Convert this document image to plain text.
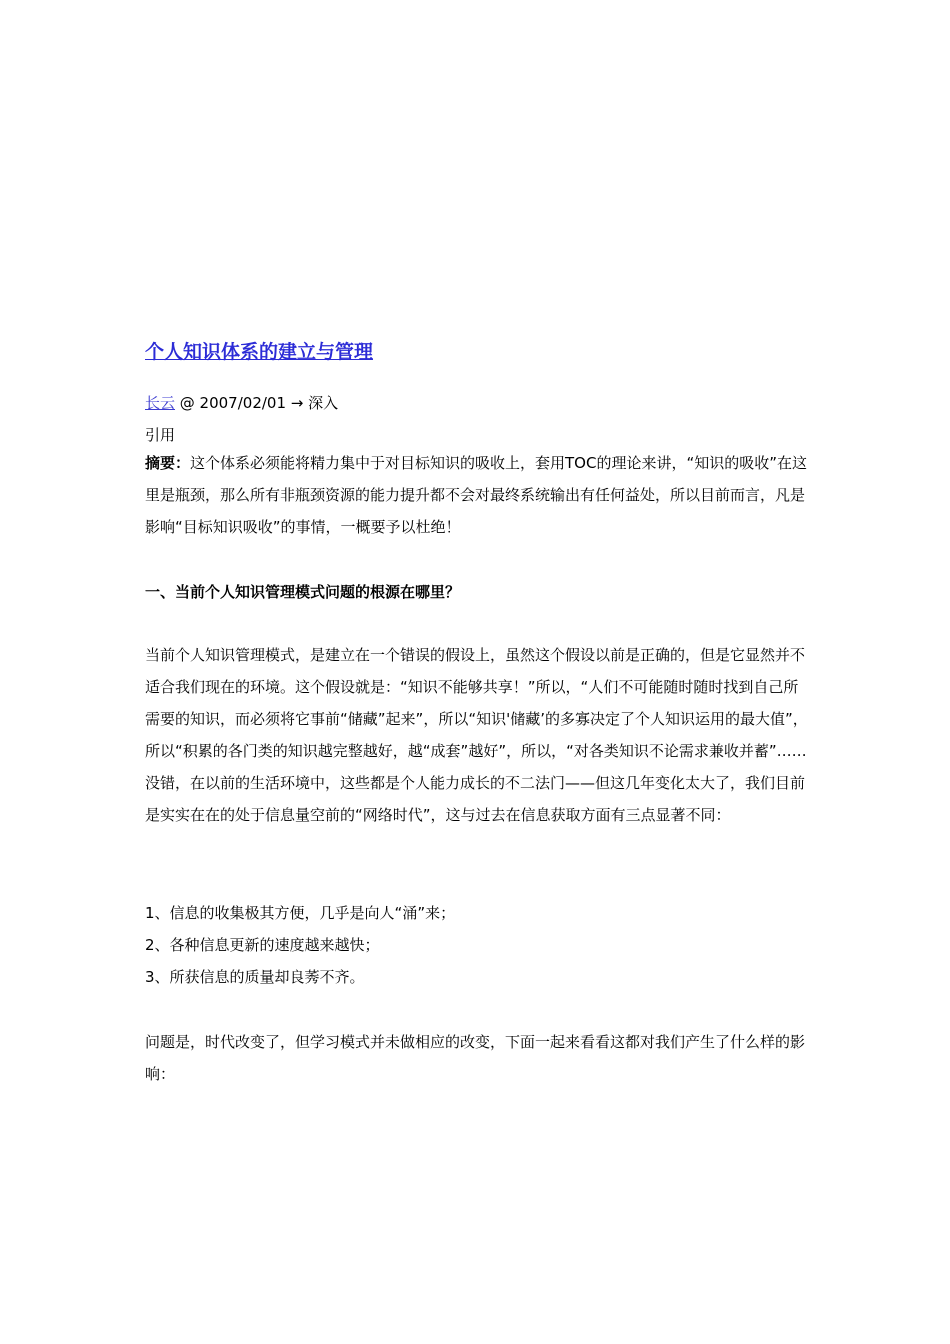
个人知识体系的建立与管理
长云 @ 2007/02/01 → 深入
引用

摘要：这个体系必须能将精力集中于对目标知识的吸收上，套用TOC的理论来讲，“知识的吸收”在这里是瓶颈，那么所有非瓶颈资源的能力提升都不会对最终系统输出有任何益处，所以目前而言，凡是影响“目标知识吸收”的事情，一概要予以杜绝！

一、当前个人知识管理模式问题的根源在哪里？

当前个人知识管理模式，是建立在一个错误的假设上，虽然这个假设以前是正确的，但是它显然并不适合我们现在的环境。这个假设就是：“知识不能够共享！”所以，“人们不可能随时随时找到自己所需要的知识，而必须将它事前“储藏”起来”，所以“知识'储藏’的多寡决定了个人知识运用的最大值”，所以“积累的各门类的知识越完整越好，越“成套”越好”，所以，“对各类知识不论需求兼收并蓄”……没错，在以前的生活环境中，这些都是个人能力成长的不二法门——但这几年变化太大了，我们目前是实实在在的处于信息量空前的“网络时代”，这与过去在信息获取方面有三点显著不同：

1、信息的收集极其方便，几乎是向人“涌”来；
2、各种信息更新的速度越来越快；
3、所获信息的质量却良莠不齐。

问题是，时代改变了，但学习模式并未做相应的改变，下面一起来看看这都对我们产生了什么样的影响：
